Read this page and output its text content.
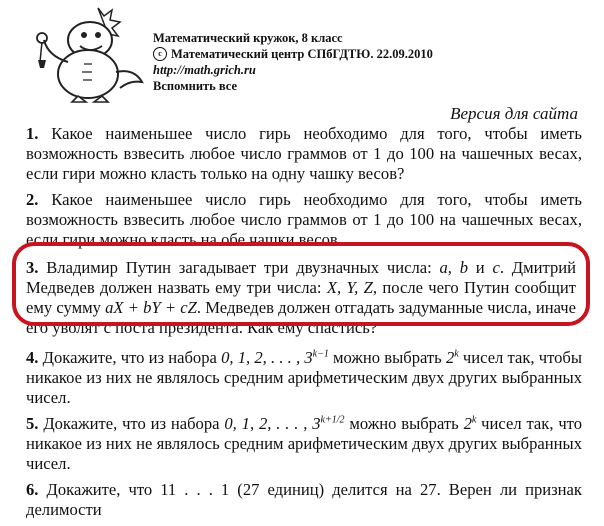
Математический кружок, 8 класс
c Математический центр СПбГДТЮ. 22.09.2010
http://math.grich.ru
Вспомнить все
Версия для сайта

1. Какое наименьшее число гирь необходимо для того, чтобы иметь возможность взвесить любое число граммов от 1 до 100 на чашечных весах, если гири можно класть только на одну чашку весов?

2. Какое наименьшее число гирь необходимо для того, чтобы иметь возможность взвесить любое число граммов от 1 до 100 на чашечных весах, если гири можно класть на обе чашки весов.

3. Владимир Путин загадывает три двузначных числа: a, b и c. Дмитрий Медведев должен назвать ему три числа: X, Y, Z, после чего Путин сообщит ему сумму aX + bY + cZ. Медведев должен отгадать задуманные числа, иначе его уволят с поста президента. Как ему спастись?

4. Докажите, что из набора 0, 1, 2, . . . , $3^{k-1}$ можно выбрать 2$^k$ чисел так, чтобы никакое из них не являлось средним арифметическим двух других выбранных чисел.

5. Докажите, что из набора 0, 1, 2, . . . , $3^{k+1/2}$ можно выбрать 2$^k$ чисел так, что никакое из них не являлось средним арифметическим двух других выбранных чисел.

6. Докажите, что 11 . . . 1 (27 единиц) делится на 27. Верен ли признак делимости
